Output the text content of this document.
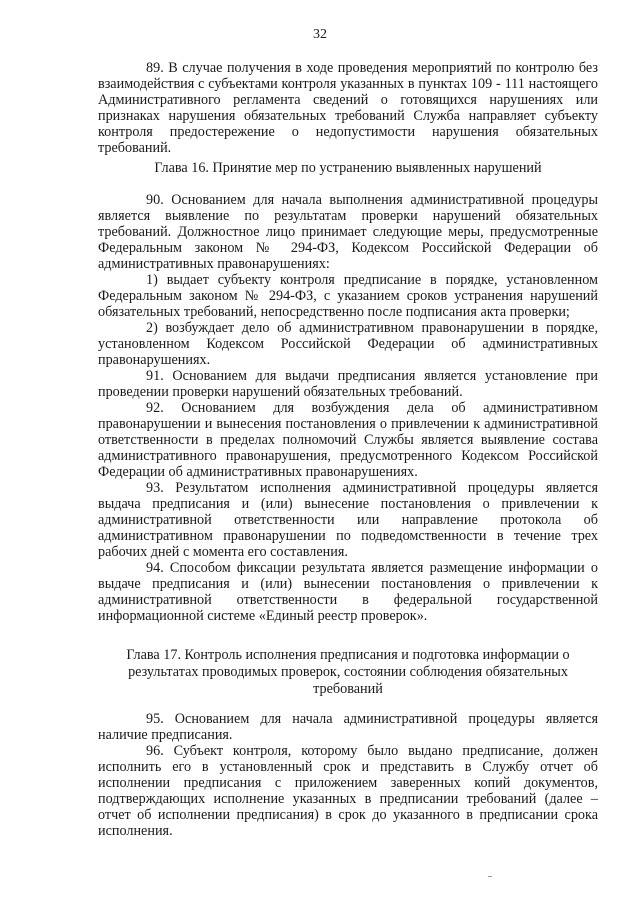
32

89. В случае получения в ходе проведения мероприятий по контролю без взаимодействия с субъектами контроля указанных в пунктах 109 - 111 настоящего Административного регламента сведений о готовящихся нарушениях или признаках нарушения обязательных требований Служба направляет субъекту контроля предостережение о недопустимости нарушения обязательных требований.

Глава 16. Принятие мер по устранению выявленных нарушений

90. Основанием для начала выполнения административной процедуры является выявление по результатам проверки нарушений обязательных требований. Должностное лицо принимает следующие меры, предусмотренные Федеральным законом № 294-ФЗ, Кодексом Российской Федерации об административных правонарушениях:

1) выдает субъекту контроля предписание в порядке, установленном Федеральным законом № 294-ФЗ, с указанием сроков устранения нарушений обязательных требований, непосредственно после подписания акта проверки;

2) возбуждает дело об административном правонарушении в порядке, установленном Кодексом Российской Федерации об административных правонарушениях.

91. Основанием для выдачи предписания является установление при проведении проверки нарушений обязательных требований.

92. Основанием для возбуждения дела об административном правонарушении и вынесения постановления о привлечении к административной ответственности в пределах полномочий Службы является выявление состава административного правонарушения, предусмотренного Кодексом Российской Федерации об административных правонарушениях.

93. Результатом исполнения административной процедуры является выдача предписания и (или) вынесение постановления о привлечении к административной ответственности или направление протокола об административном правонарушении по подведомственности в течение трех рабочих дней с момента его составления.

94. Способом фиксации результата является размещение информации о выдаче предписания и (или) вынесении постановления о привлечении к административной ответственности в федеральной государственной информационной системе «Единый реестр проверок».

Глава 17. Контроль исполнения предписания и подготовка информации о результатах проводимых проверок, состоянии соблюдения обязательных требований

95. Основанием для начала административной процедуры является наличие предписания.

96. Субъект контроля, которому было выдано предписание, должен исполнить его в установленный срок и представить в Службу отчет об исполнении предписания с приложением заверенных копий документов, подтверждающих исполнение указанных в предписании требований (далее – отчет об исполнении предписания) в срок до указанного в предписании срока исполнения.
